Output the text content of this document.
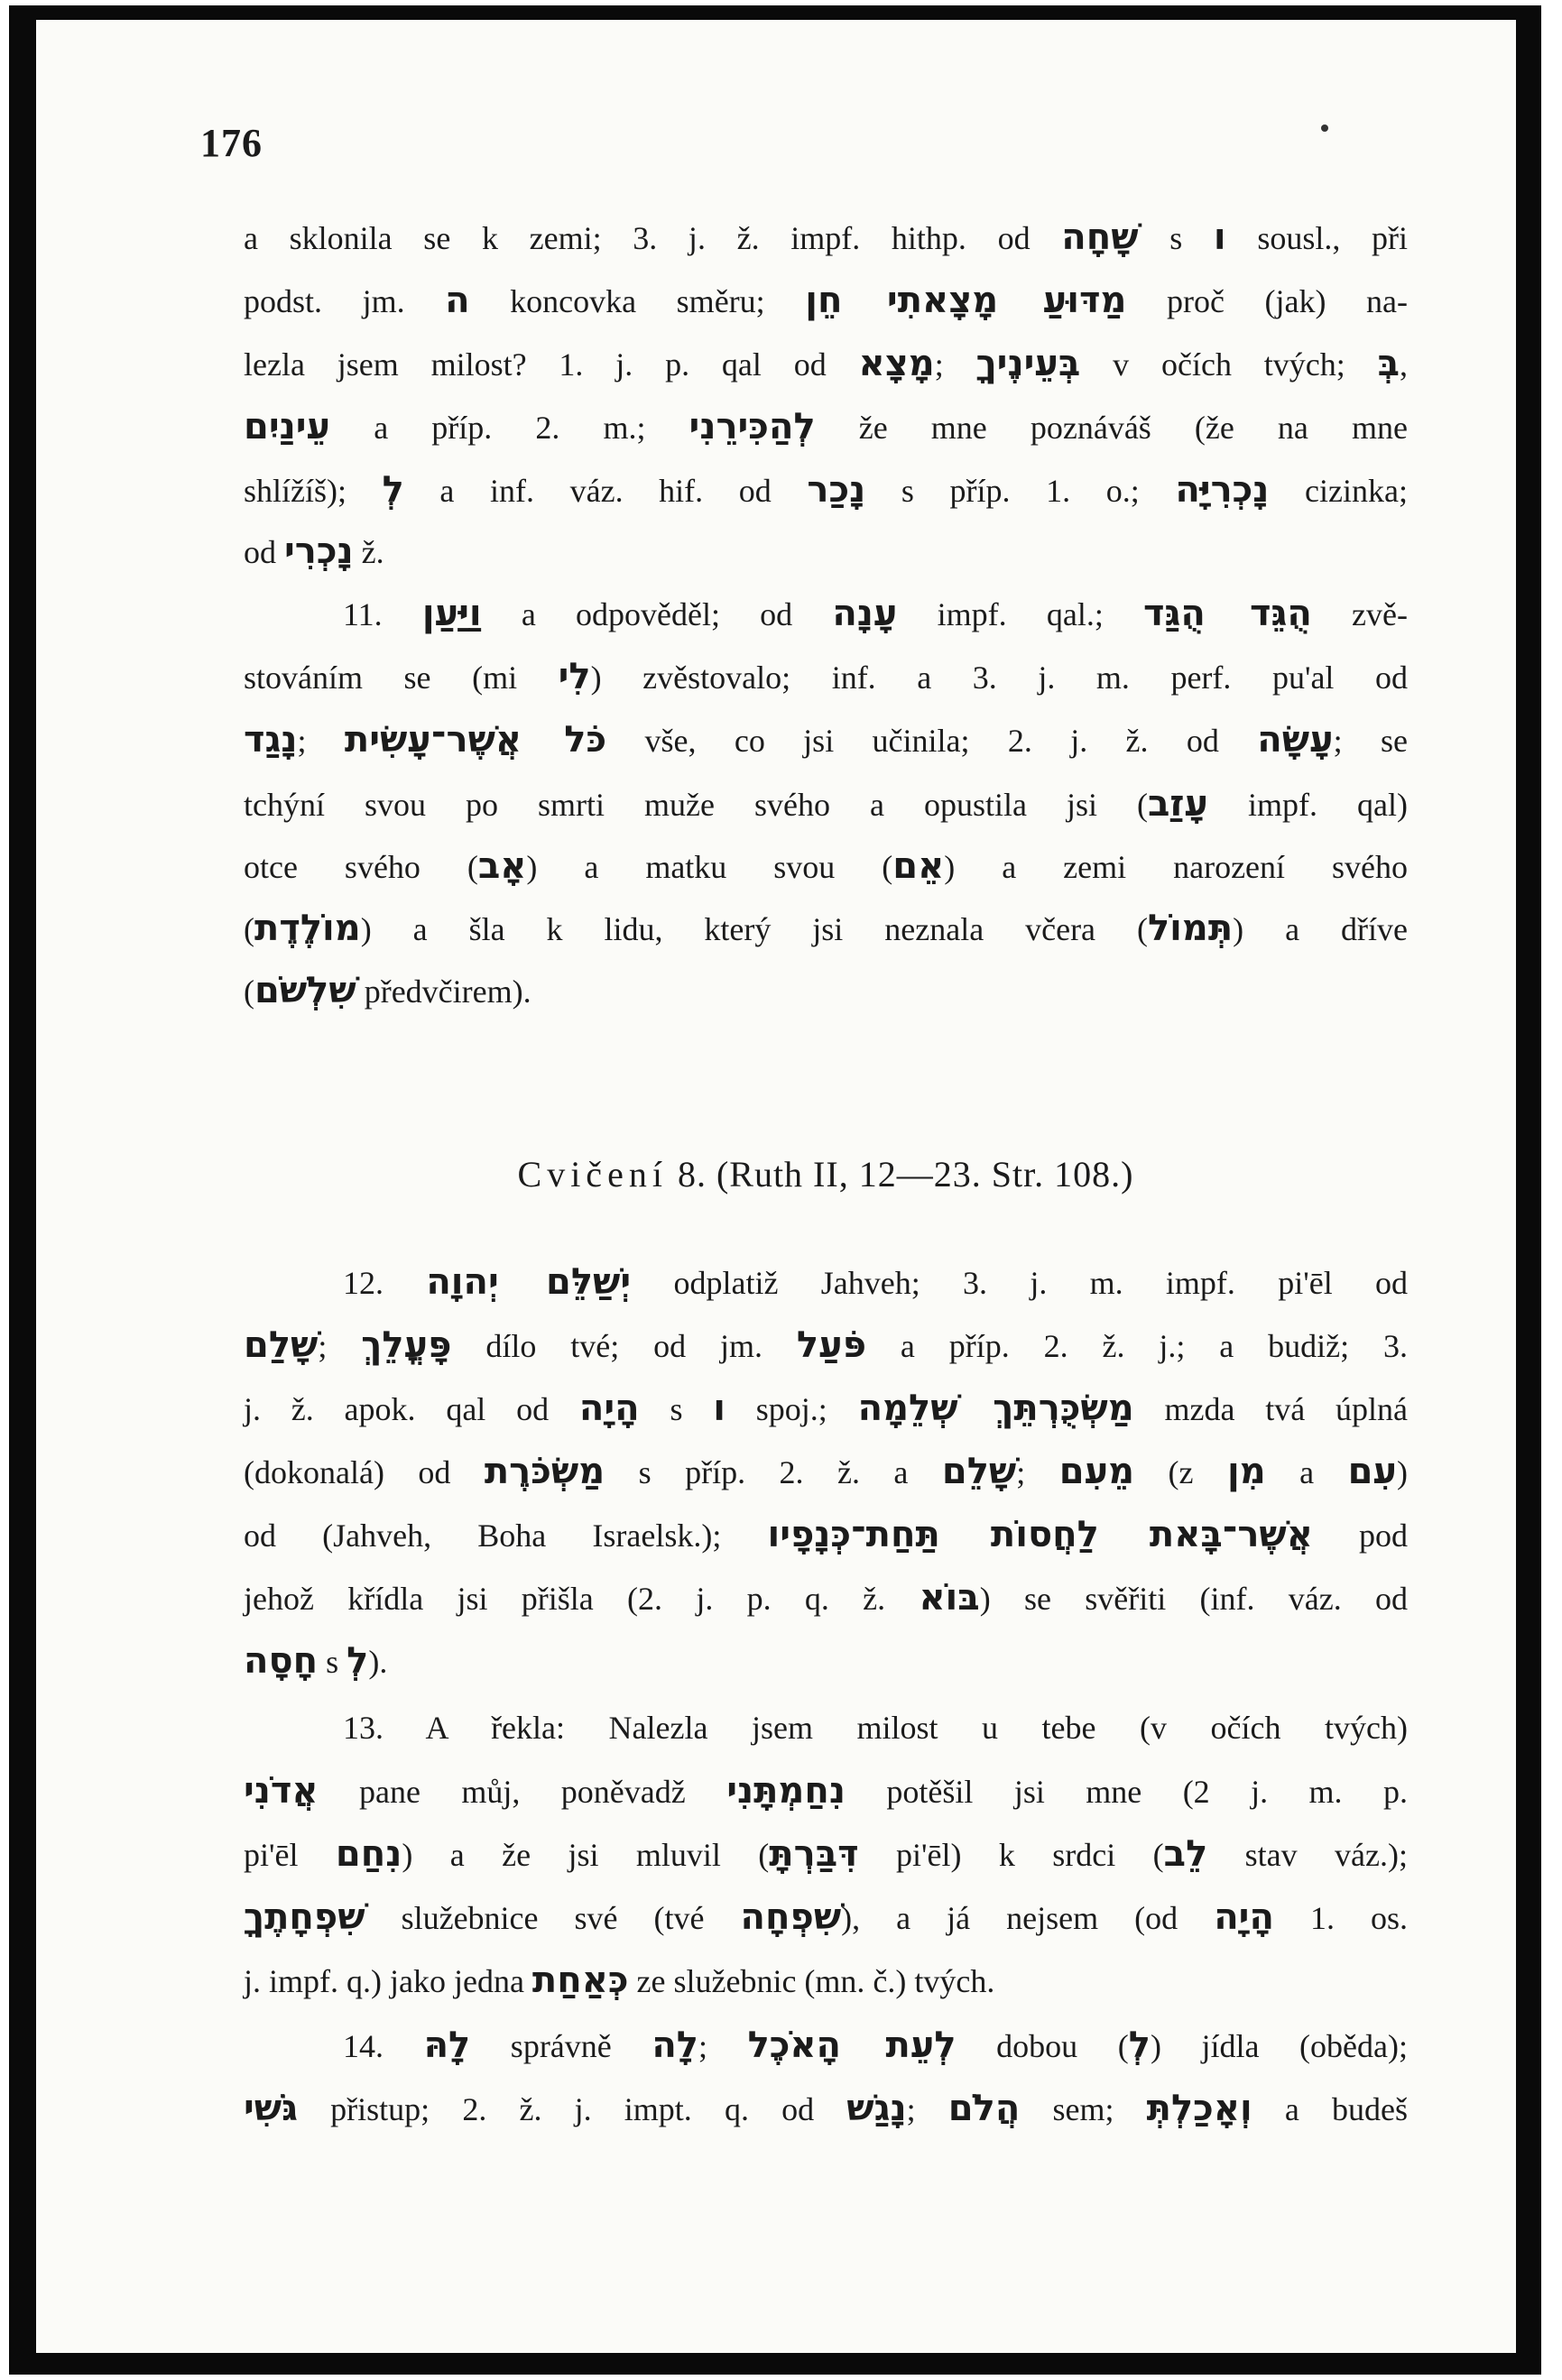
176
a sklonila se k zemi; 3. j. ž. impf. hithp. od שָׁחָה s ו sousl., při
podst. jm. ה koncovka směru; מַדּוּעַ מָצָאתִי חֵן proč (jak) na-
lezla jsem milost? 1. j. p. qal od מָצָא; בְּעֵינֶיךָ v očích tvých; בְּ,
עֵינַיִם a příp. 2. m.; לְהַכִּירֵנִי že mne poznáváš (že na mne
shlížíš); לְ a inf. váz. hif. od נָכַר s příp. 1. o.; נָכְרִיָּה cizinka;
od נָכְרִי ž.
11. וַיַּעַן a odpověděl; od עָנָה impf. qal.; הֻגֵּד הֻגַּד zvě-
stováním se (mi לִי) zvěstovalo; inf. a 3. j. m. perf. pu'al od
נָגַד; כֹּל אֲשֶׁר־עָשִׂית vše, co jsi učinila; 2. j. ž. od עָשָׂה; se
tchýní svou po smrti muže svého a opustila jsi (עָזַב impf. qal)
otce svého (אָב) a matku svou (אֵם) a zemi narození svého
(מוֹלֶדֶת) a šla k lidu, který jsi neznala včera (תְּמוֹל) a dříve
(שִׁלְשֹׁם předvčirem).
Cvičení 8. (Ruth II, 12—23. Str. 108.)
12. יְשַׁלֵּם יְהוָה odplatiž Jahveh; 3. j. m. impf. pi'ēl od
שָׁלַם; פָּעֳלֵךְ dílo tvé; od jm. פֹּעַל a příp. 2. ž. j.; a budiž; 3.
j. ž. apok. qal od הָיָה s ו spoj.; מַשְׂכֻּרְתֵּךְ שְׁלֵמָה mzda tvá úplná
(dokonalá) od מַשְׂכֹּרֶת s příp. 2. ž. a שָׁלֵם; מֵעִם (z מִן a עִם)
od (Jahveh, Boha Israelsk.); אֲשֶׁר־בָּאת לַחֲסוֹת תַּחַת־כְּנָפָיו pod
jehož křídla jsi přišla (2. j. p. q. ž. בּוֹא) se svěřiti (inf. váz. od
חָסָה s לְ).
13. A řekla: Nalezla jsem milost u tebe (v očích tvých)
אֲדֹנִי pane můj, poněvadž נִחַמְתָּנִי potěšil jsi mne (2 j. m. p.
pi'ēl נִחַם) a že jsi mluvil (דִּבַּרְתָּ pi'ēl) k srdci (לֵב stav váz.);
שִׁפְחָתֶךָ služebnice své (tvé שִׁפְחָה), a já nejsem (od הָיָה 1. os.
j. impf. q.) jako jedna כְּאַחַת ze služebnic (mn. č.) tvých.
14. לָהּ správně לָה; לְעֵת הָאֹכֶל dobou (לְ) jídla (oběda);
גֹּשִׁי přistup; 2. ž. j. impt. q. od נָגַשׁ; הֲלֹם sem; וְאָכַלְתְּ a budeš
